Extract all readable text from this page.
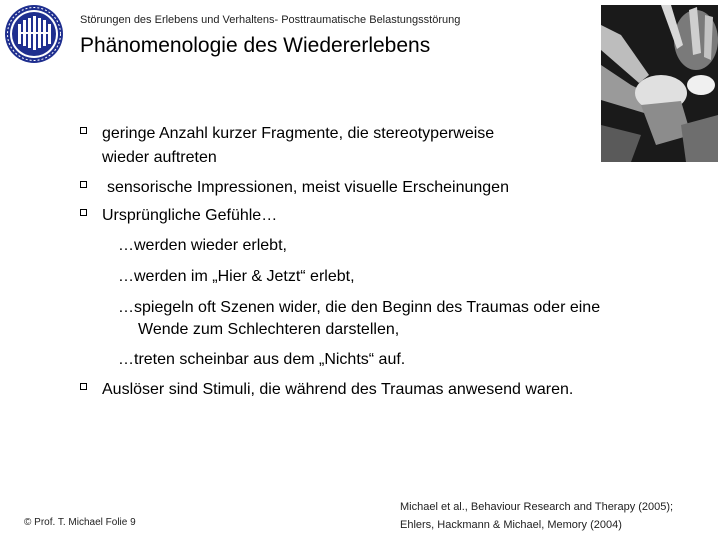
Störungen des Erlebens und Verhaltens- Posttraumatische Belastungsstörung
Phänomenologie des Wiedererlebens
geringe Anzahl kurzer Fragmente, die stereotyperweise
wieder auftreten
sensorische Impressionen, meist visuelle Erscheinungen
Ursprüngliche Gefühle…
…werden wieder erlebt,
…werden im „Hier & Jetzt“ erlebt,
…spiegeln oft Szenen wider, die den Beginn des Traumas oder eine
Wende zum Schlechteren darstellen,
…treten scheinbar aus dem „Nichts“ auf.
Auslöser sind Stimuli, die während des Traumas anwesend waren.
© Prof. T. Michael Folie 9
Michael et al., Behaviour Research and Therapy (2005);
Ehlers, Hackmann & Michael, Memory (2004)
